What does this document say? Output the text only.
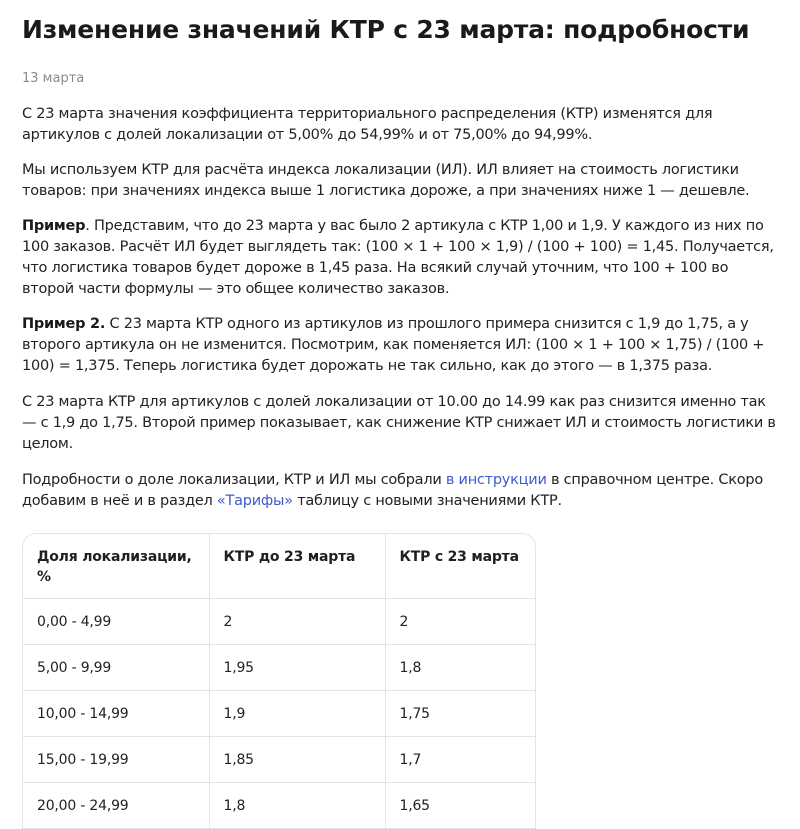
Изменение значений КТР с 23 марта: подробности
13 марта

С 23 марта значения коэффициента территориального распределения (КТР) изменятся для артикулов с долей локализации от 5,00% до 54,99% и от 75,00% до 94,99%.

Мы используем КТР для расчёта индекса локализации (ИЛ). ИЛ влияет на стоимость логистики товаров: при значениях индекса выше 1 логистика дороже, а при значениях ниже 1 — дешевле.

Пример. Представим, что до 23 марта у вас было 2 артикула с КТР 1,00 и 1,9. У каждого из них по 100 заказов. Расчёт ИЛ будет выглядеть так: (100 × 1 + 100 × 1,9) / (100 + 100) = 1,45. Получается, что логистика товаров будет дороже в 1,45 раза. На всякий случай уточним, что 100 + 100 во второй части формулы — это общее количество заказов.

Пример 2. С 23 марта КТР одного из артикулов из прошлого примера снизится с 1,9 до 1,75, а у второго артикула он не изменится. Посмотрим, как поменяется ИЛ: (100 × 1 + 100 × 1,75) / (100 + 100) = 1,375. Теперь логистика будет дорожать не так сильно, как до этого — в 1,375 раза.

С 23 марта КТР для артикулов с долей локализации от 10.00 до 14.99 как раз снизится именно так — с 1,9 до 1,75. Второй пример показывает, как снижение КТР снижает ИЛ и стоимость логистики в целом.

Подробности о доле локализации, КТР и ИЛ мы собрали в инструкции в справочном центре. Скоро добавим в неё и в раздел «Тарифы» таблицу с новыми значениями КТР.

Доля локализации, %	КТР до 23 марта	КТР с 23 марта
0,00 - 4,99	2	2
5,00 - 9,99	1,95	1,8
10,00 - 14,99	1,9	1,75
15,00 - 19,99	1,85	1,7
20,00 - 24,99	1,8	1,65
